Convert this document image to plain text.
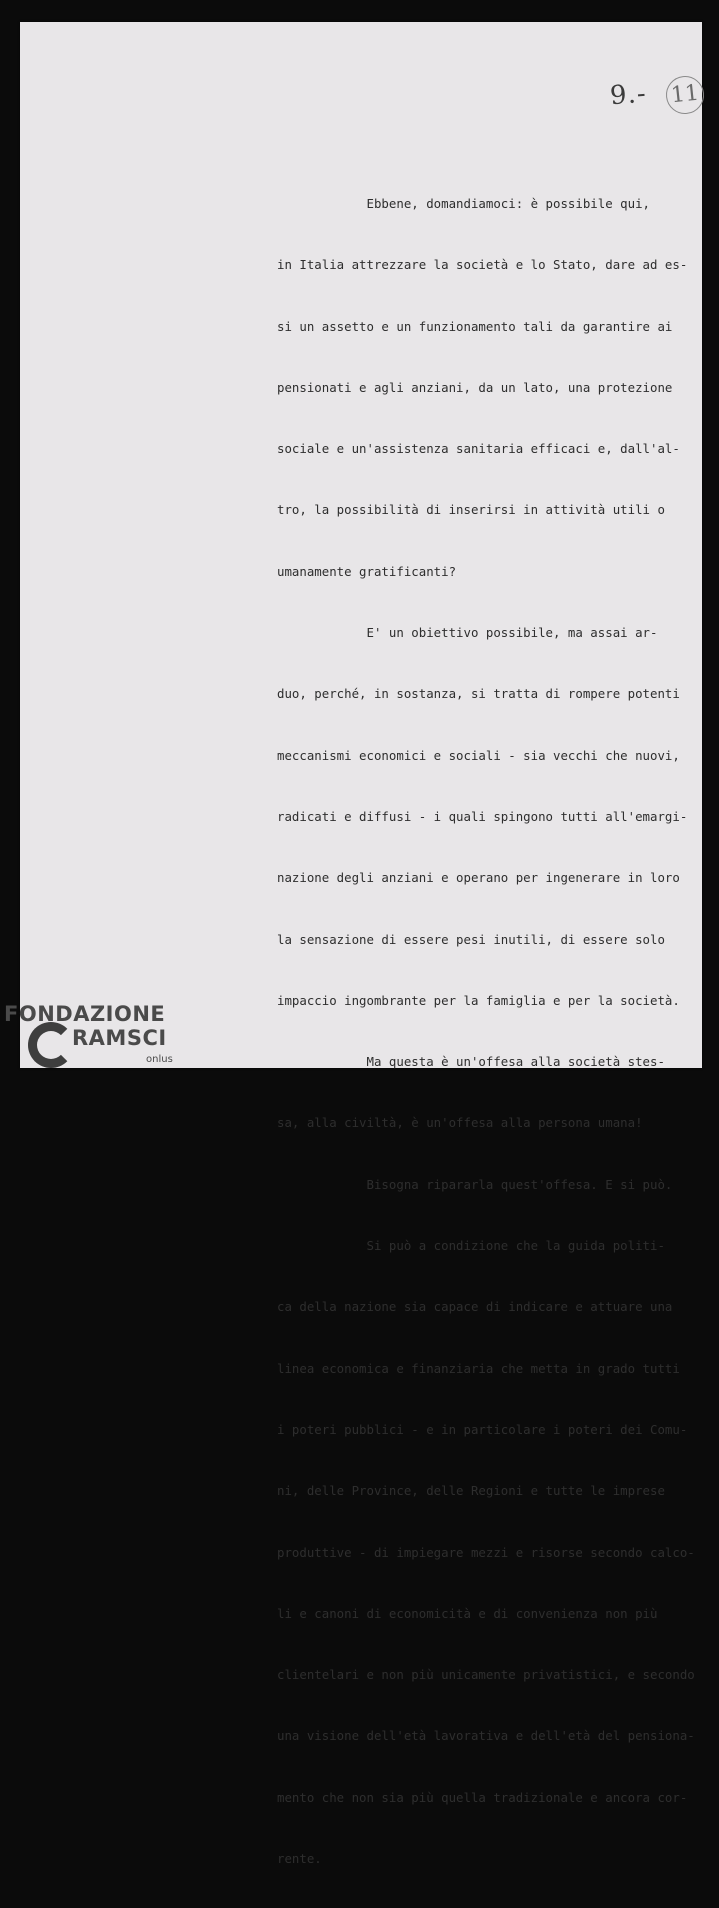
9.- 11

Ebbene, domandiamoci: è possibile qui,

in Italia attrezzare la società e lo Stato, dare ad es-

si un assetto e un funzionamento tali da garantire ai

pensionati e agli anziani, da un lato, una protezione

sociale e un'assistenza sanitaria efficaci e, dall'al-

tro, la possibilità di inserirsi in attività utili o

umanamente gratificanti?

E' un obiettivo possibile, ma assai ar-

duo, perché, in sostanza, si tratta di rompere potenti

meccanismi economici e sociali - sia vecchi che nuovi,

radicati e diffusi - i quali spingono tutti all'emargi-

nazione degli anziani e operano per ingenerare in loro

la sensazione di essere pesi inutili, di essere solo

impaccio ingombrante per la famiglia e per la società.

Ma questa è un'offesa alla società stes-

sa, alla civiltà, è un'offesa alla persona umana!

Bisogna ripararla quest'offesa. E si può.

Si può a condizione che la guida politi-

ca della nazione sia capace di indicare e attuare una

linea economica e finanziaria che metta in grado tutti

i poteri pubblici - e in particolare i poteri dei Comu-

ni, delle Province, delle Regioni e tutte le imprese

produttive - di impiegare mezzi e risorse secondo calco-

li e canoni di economicità e di convenienza non più

clientelari e non più unicamente privatistici, e secondo

una visione dell'età lavorativa e dell'età del pensiona-

mento che non sia più quella tradizionale e ancora cor-

rente.

FONDAZIONE
RAMSCI
onlus
